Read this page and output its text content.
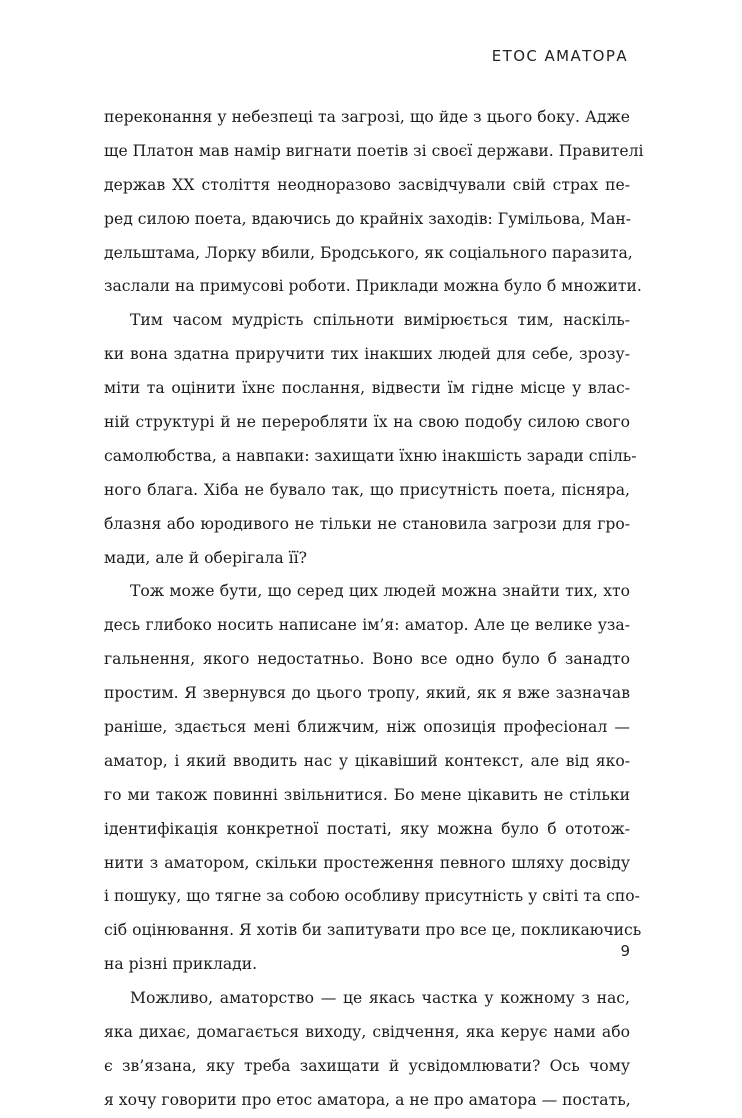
ЕТОС АМАТОРА
переконання у небезпеці та загрозі, що йде з цього боку. Адже
ще Платон мав намір вигнати поетів зі своєї держави. Правителі
держав XX століття неодноразово засвідчували свій страх пе-
ред силою поета, вдаючись до крайніх заходів: Гумільова, Ман-
дельштама, Лорку вбили, Бродського, як соціального паразита,
заслали на примусові роботи. Приклади можна було б множити.
Тим часом мудрість спільноти вимірюється тим, наскіль-
ки вона здатна приручити тих інакших людей для себе, зрозу-
міти та оцінити їхнє послання, відвести їм гідне місце у влас-
ній структурі й не переробляти їх на свою подобу силою свого
самолюбства, а навпаки: захищати їхню інакшість заради спіль-
ного блага. Хіба не бувало так, що присутність поета, пісняра,
блазня або юродивого не тільки не становила загрози для гро-
мади, але й оберігала її?
Тож може бути, що серед цих людей можна знайти тих, хто
десь глибоко носить написане ім’я: аматор. Але це велике уза-
гальнення, якого недостатньо. Воно все одно було б занадто
простим. Я звернувся до цього тропу, який, як я вже зазначав
раніше, здається мені ближчим, ніж опозиція професіонал —
аматор, і який вводить нас у цікавіший контекст, але від яко-
го ми також повинні звільнитися. Бо мене цікавить не стільки
ідентифікація конкретної постаті, яку можна було б ототож-
нити з аматором, скільки простеження певного шляху досвіду
і пошуку, що тягне за собою особливу присутність у світі та спо-
сіб оцінювання. Я хотів би запитувати про все це, покликаючись
на різні приклади.
Можливо, аматорство — це якась частка у кожному з нас,
яка дихає, домагається виходу, свідчення, яка керує нами або
є зв’язана, яку треба захищати й усвідомлювати? Ось чому
я хочу говорити про етос аматора, а не про аматора — постать,
9
